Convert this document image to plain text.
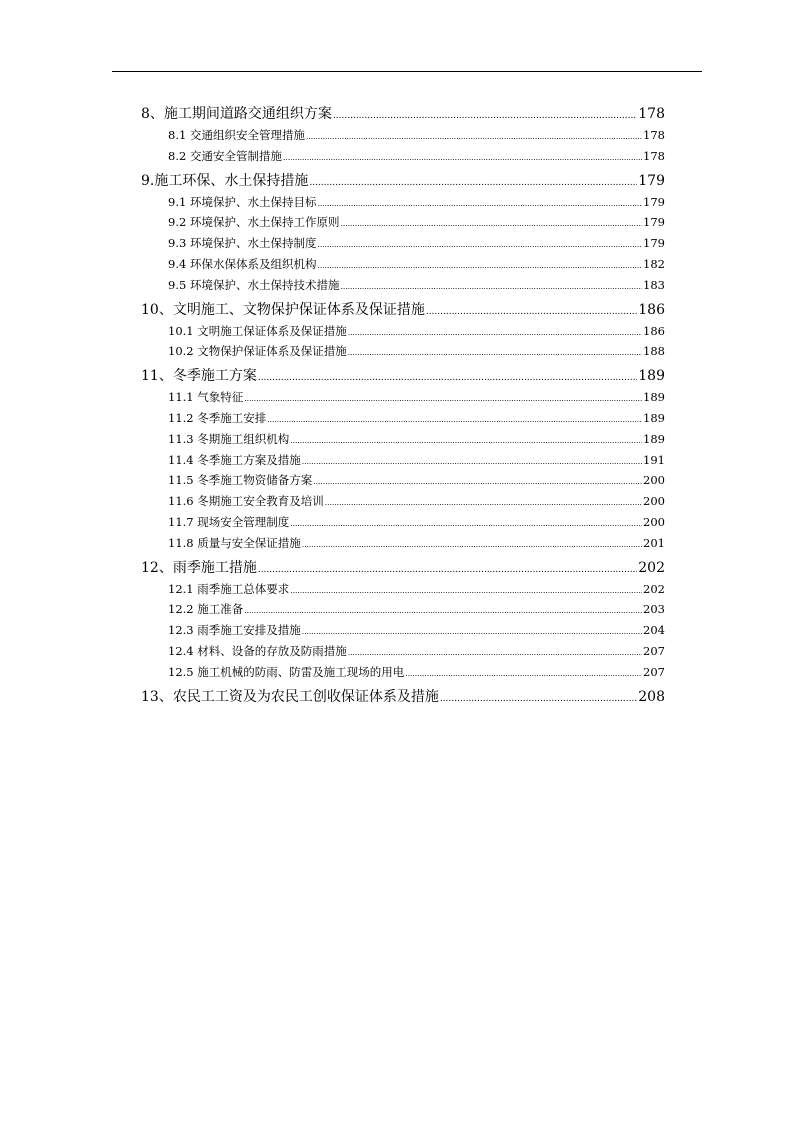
8、施工期间道路交通组织方案 .....	178
8.1 交通组织安全管理措施 .....	178
8.2 交通安全管制措施 .....	178
9.施工环保、水土保持措施 .....	179
9.1 环境保护、水土保持目标 .....	179
9.2 环境保护、水土保持工作原则 .....	179
9.3 环境保护、水土保持制度 .....	179
9.4 环保水保体系及组织机构 .....	182
9.5 环境保护、水土保持技术措施 .....	183
10、文明施工、文物保护保证体系及保证措施 .....	186
10.1 文明施工保证体系及保证措施 .....	186
10.2 文物保护保证体系及保证措施 .....	188
11、冬季施工方案 .....	189
11.1 气象特征 .....	189
11.2 冬季施工安排 .....	189
11.3 冬期施工组织机构 .....	189
11.4 冬季施工方案及措施 .....	191
11.5 冬季施工物资储备方案 .....	200
11.6 冬期施工安全教育及培训 .....	200
11.7 现场安全管理制度 .....	200
11.8 质量与安全保证措施 .....	201
12、雨季施工措施 .....	202
12.1 雨季施工总体要求 .....	202
12.2 施工准备 .....	203
12.3 雨季施工安排及措施 .....	204
12.4 材料、设备的存放及防雨措施 .....	207
12.5 施工机械的防雨、防雷及施工现场的用电 .....	207
13、农民工工资及为农民工创收保证体系及措施 .....	208
